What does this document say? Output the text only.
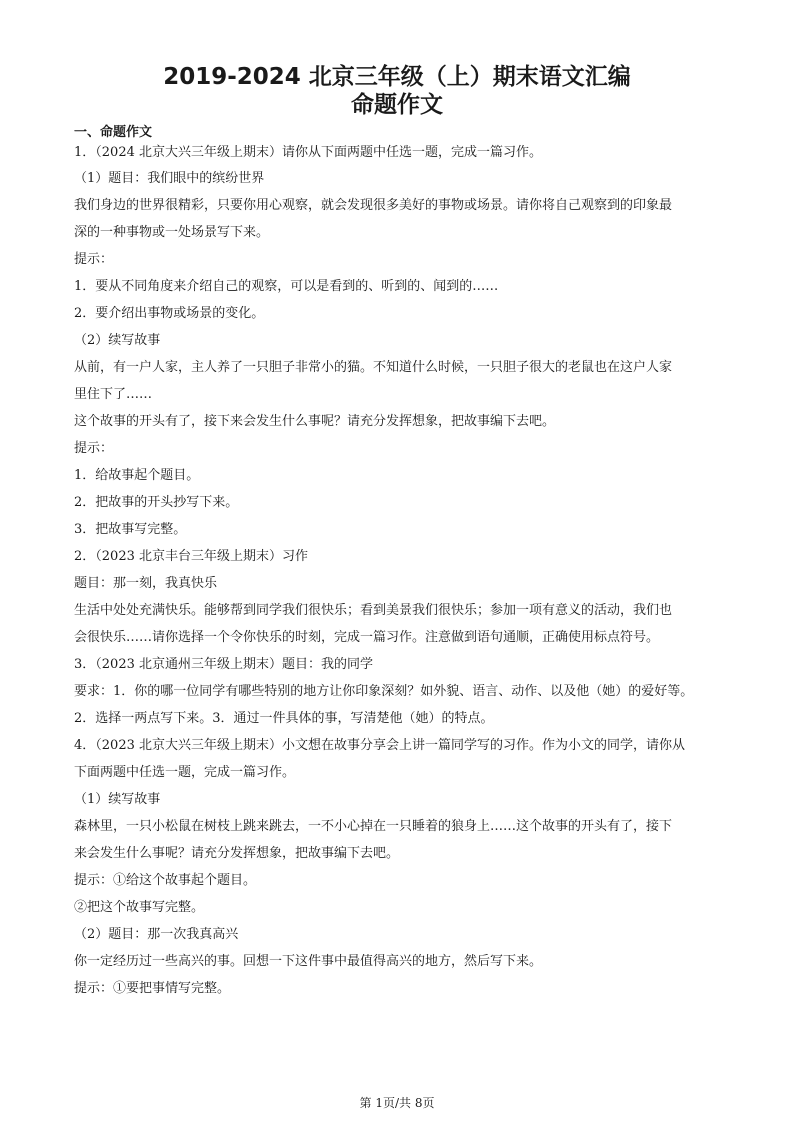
2019-2024 北京三年级（上）期末语文汇编
命题作文
一、命题作文
1．（2024 北京大兴三年级上期末）请你从下面两题中任选一题，完成一篇习作。
（1）题目：我们眼中的缤纷世界
我们身边的世界很精彩，只要你用心观察，就会发现很多美好的事物或场景。请你将自己观察到的印象最
深的一种事物或一处场景写下来。
提示：
1．要从不同角度来介绍自己的观察，可以是看到的、听到的、闻到的……
2．要介绍出事物或场景的变化。
（2）续写故事
从前，有一户人家，主人养了一只胆子非常小的猫。不知道什么时候，一只胆子很大的老鼠也在这户人家
里住下了……
这个故事的开头有了，接下来会发生什么事呢？请充分发挥想象，把故事编下去吧。
提示：
1．给故事起个题目。
2．把故事的开头抄写下来。
3．把故事写完整。
2．（2023 北京丰台三年级上期末）习作
题目：那一刻，我真快乐
生活中处处充满快乐。能够帮到同学我们很快乐；看到美景我们很快乐；参加一项有意义的活动，我们也
会很快乐……请你选择一个令你快乐的时刻，完成一篇习作。注意做到语句通顺，正确使用标点符号。
3．（2023 北京通州三年级上期末）题目：我的同学
要求：1．你的哪一位同学有哪些特别的地方让你印象深刻？如外貌、语言、动作、以及他（她）的爱好等。
2．选择一两点写下来。3．通过一件具体的事，写清楚他（她）的特点。
4．（2023 北京大兴三年级上期末）小文想在故事分享会上讲一篇同学写的习作。作为小文的同学，请你从
下面两题中任选一题，完成一篇习作。
（1）续写故事
森林里，一只小松鼠在树枝上跳来跳去，一不小心掉在一只睡着的狼身上……这个故事的开头有了，接下
来会发生什么事呢？请充分发挥想象，把故事编下去吧。
提示：①给这个故事起个题目。
②把这个故事写完整。
（2）题目：那一次我真高兴
你一定经历过一些高兴的事。回想一下这件事中最值得高兴的地方，然后写下来。
提示：①要把事情写完整。
第 1页/共 8页
